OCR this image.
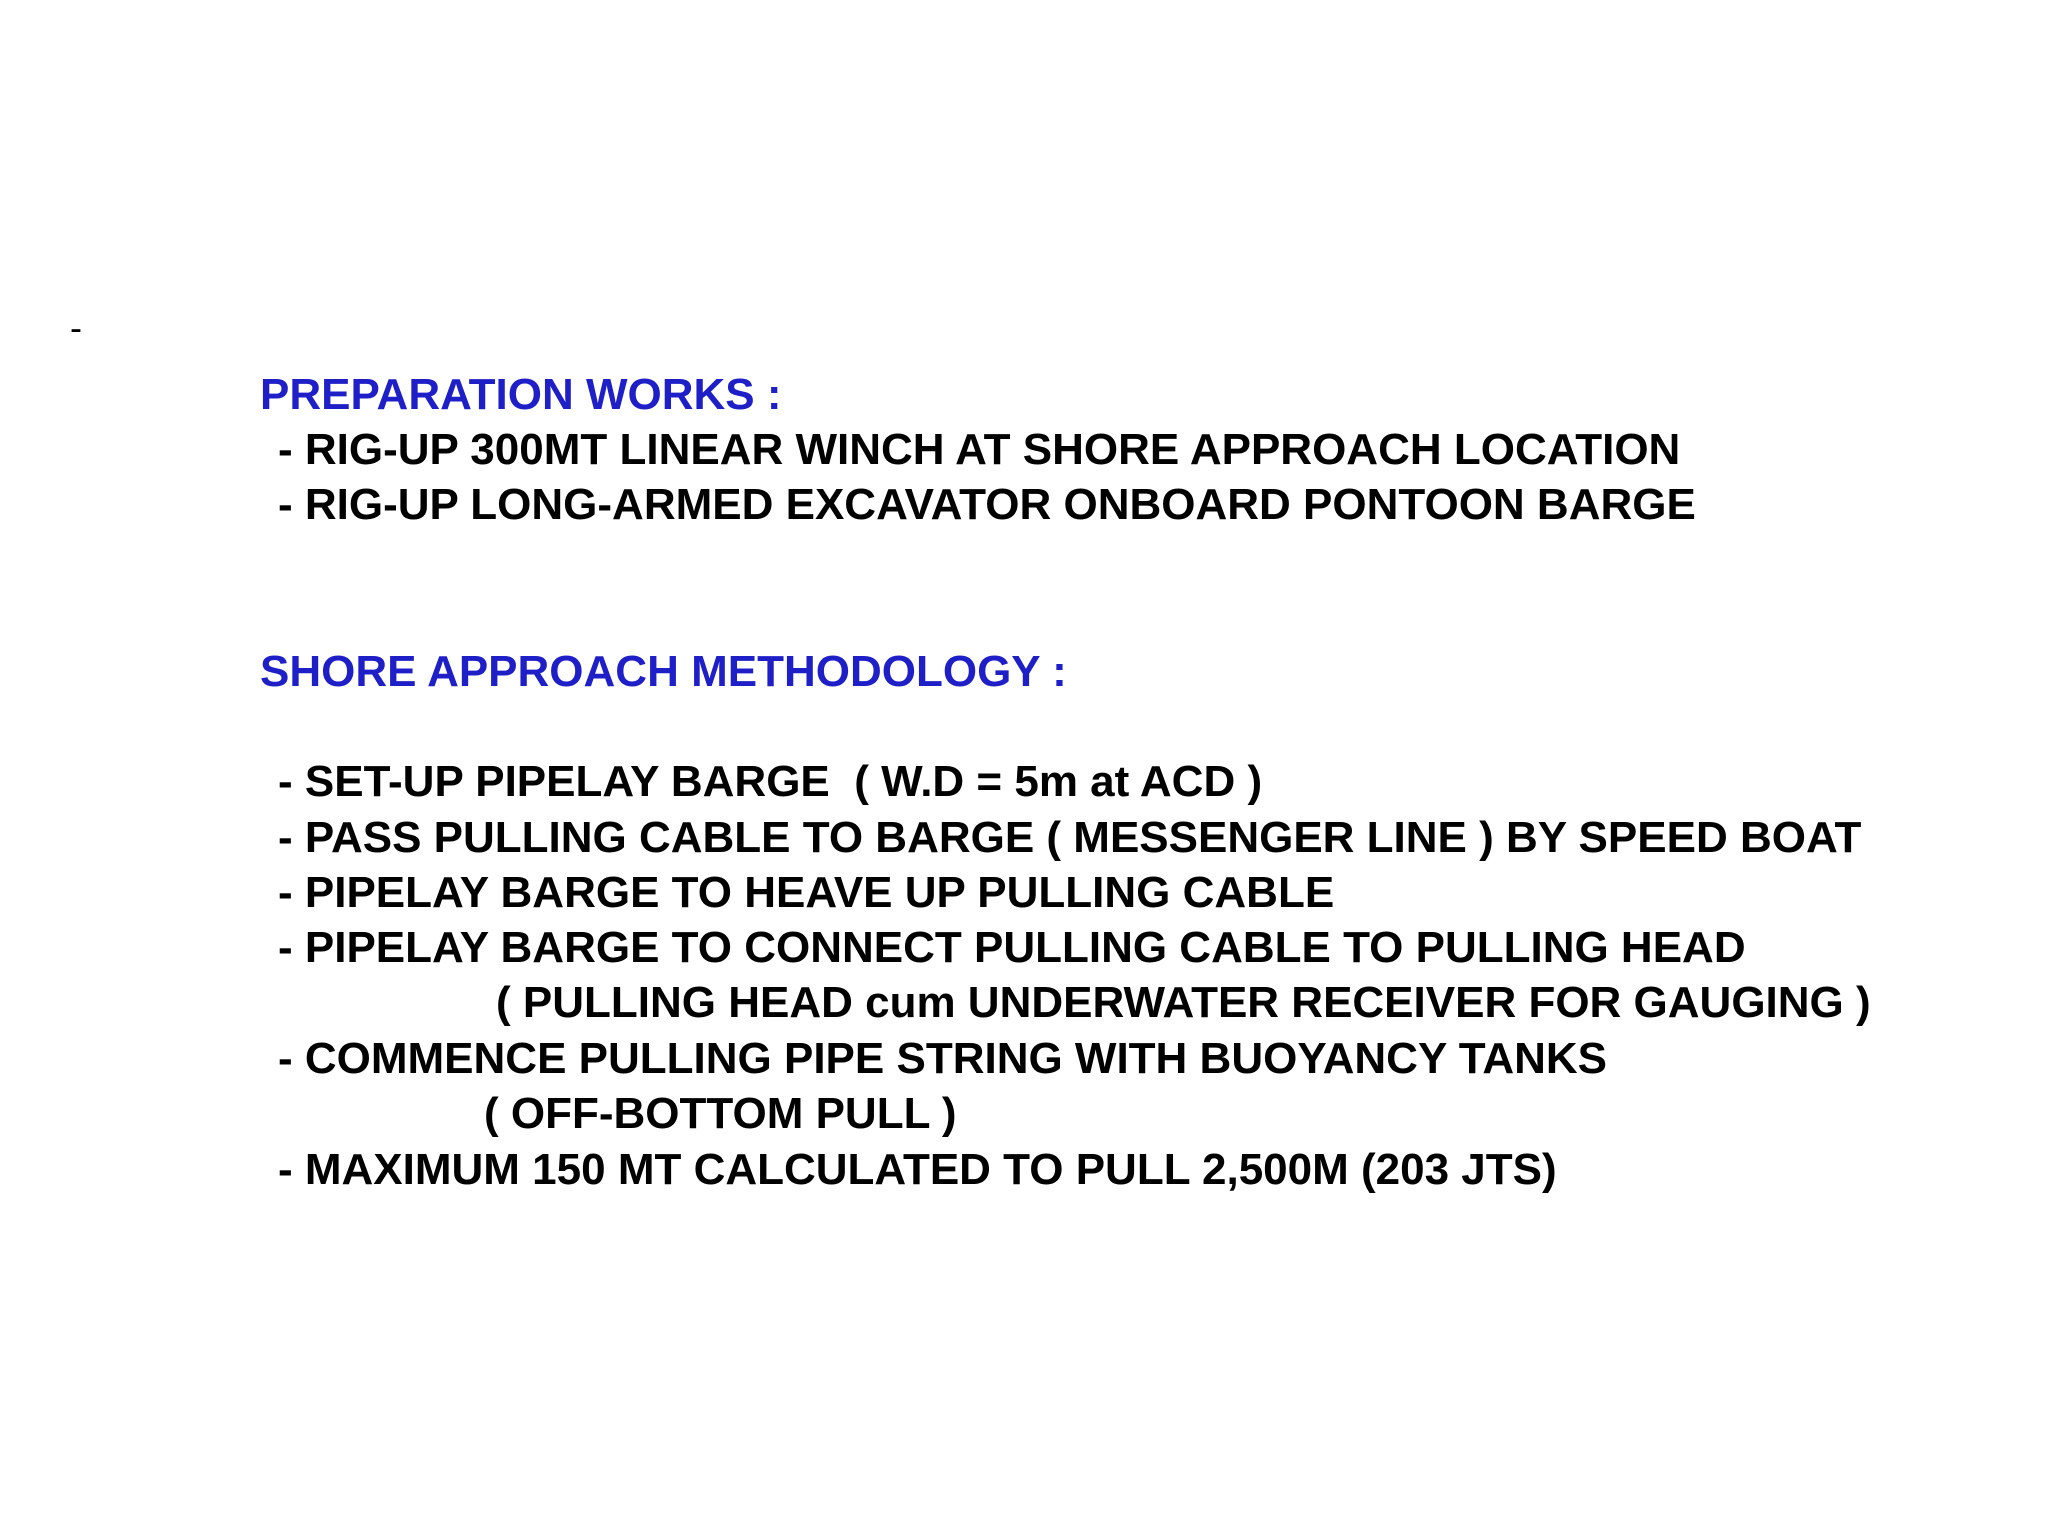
-
PREPARATION WORKS :
- RIG-UP 300MT LINEAR WINCH AT SHORE APPROACH LOCATION
- RIG-UP LONG-ARMED EXCAVATOR ONBOARD PONTOON BARGE
SHORE APPROACH METHODOLOGY :
- SET-UP PIPELAY BARGE  ( W.D = 5m at ACD )
- PASS PULLING CABLE TO BARGE ( MESSENGER LINE ) BY SPEED BOAT
- PIPELAY BARGE TO HEAVE UP PULLING CABLE
- PIPELAY BARGE TO CONNECT PULLING CABLE TO PULLING HEAD
( PULLING HEAD cum UNDERWATER RECEIVER FOR GAUGING )
- COMMENCE PULLING PIPE STRING WITH BUOYANCY TANKS
( OFF-BOTTOM PULL )
- MAXIMUM 150 MT CALCULATED TO PULL 2,500M (203 JTS)
